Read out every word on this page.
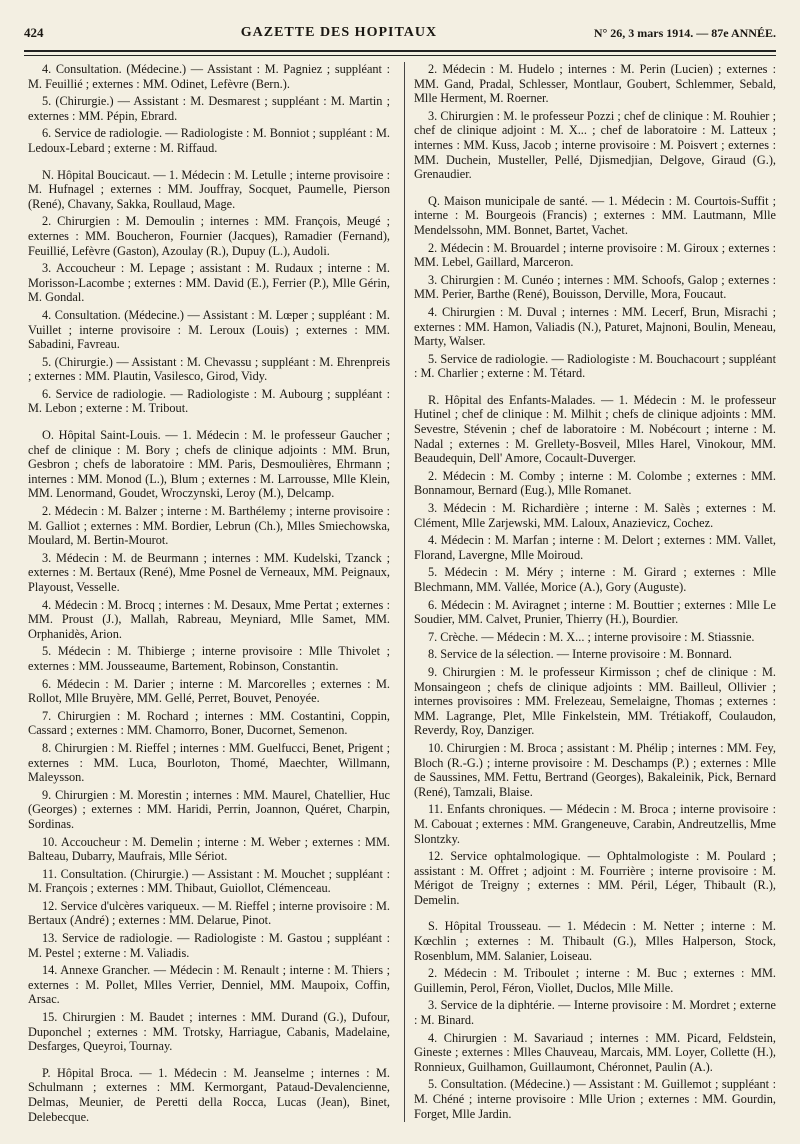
424	GAZETTE DES HOPITAUX	N° 26, 3 mars 1914. — 87e ANNÉE.

4. Consultation. (Médecine.) — Assistant : M. Pagniez ; suppléant : M. Feuillié ; externes : MM. Odinet, Lefèvre (Bern.).

5. (Chirurgie.) — Assistant : M. Desmarest ; suppléant : M. Martin ; externes : MM. Pépin, Ebrard.

6. Service de radiologie. — Radiologiste : M. Bonniot ; suppléant : M. Ledoux-Lebard ; externe : M. Riffaud.

N. Hôpital Boucicaut. — 1. Médecin : M. Letulle ; interne provisoire : M. Hufnagel ; externes : MM. Jouffray, Socquet, Paumelle, Pierson (René), Chavany, Sakka, Roullaud, Mage.

2. Chirurgien : M. Demoulin ; internes : MM. François, Meugé ; externes : MM. Boucheron, Fournier (Jacques), Ramadier (Fernand), Feuillié, Lefèvre (Gaston), Azoulay (R.), Dupuy (L.), Audoli.

3. Accoucheur : M. Lepage ; assistant : M. Rudaux ; interne : M. Morisson-Lacombe ; externes : MM. David (E.), Ferrier (P.), Mlle Gérin, M. Gondal.

4. Consultation. (Médecine.) — Assistant : M. Lœper ; suppléant : M. Vuillet ; interne provisoire : M. Leroux (Louis) ; externes : MM. Sabadini, Favreau.

5. (Chirurgie.) — Assistant : M. Chevassu ; suppléant : M. Ehrenpreis ; externes : MM. Plautin, Vasilesco, Girod, Vidy.

6. Service de radiologie. — Radiologiste : M. Aubourg ; suppléant : M. Lebon ; externe : M. Tribout.

O. Hôpital Saint-Louis. — 1. Médecin : M. le professeur Gaucher ; chef de clinique : M. Bory ; chefs de clinique adjoints : MM. Brun, Gesbron ; chefs de laboratoire : MM. Paris, Desmoulières, Ehrmann ; internes : MM. Monod (L.), Blum ; externes : M. Larrousse, Mlle Klein, MM. Lenormand, Goudet, Wroczynski, Leroy (M.), Delcamp.

2. Médecin : M. Balzer ; interne : M. Barthélemy ; interne provisoire : M. Galliot ; externes : MM. Bordier, Lebrun (Ch.), Mlles Smiechowska, Moulard, M. Bertin-Mourot.

3. Médecin : M. de Beurmann ; internes : MM. Kudelski, Tzanck ; externes : M. Bertaux (René), Mme Posnel de Verneaux, MM. Peignaux, Playoust, Vesselle.

4. Médecin : M. Brocq ; internes : M. Desaux, Mme Pertat ; externes : MM. Proust (J.), Mallah, Rabreau, Meyniard, Mlle Samet, MM. Orphanidès, Arion.

5. Médecin : M. Thibierge ; interne provisoire : Mlle Thivolet ; externes : MM. Jousseaume, Bartement, Robinson, Constantin.

6. Médecin : M. Darier ; interne : M. Marcorelles ; externes : M. Rollot, Mlle Bruyère, MM. Gellé, Perret, Bouvet, Penoyée.

7. Chirurgien : M. Rochard ; internes : MM. Costantini, Coppin, Cassard ; externes : MM. Chamorro, Boner, Ducornet, Semenon.

8. Chirurgien : M. Rieffel ; internes : MM. Guelfucci, Benet, Prigent ; externes : MM. Luca, Bourloton, Thomé, Maechter, Willmann, Maleysson.

9. Chirurgien : M. Morestin ; internes : MM. Maurel, Chatellier, Huc (Georges) ; externes : MM. Haridi, Perrin, Joannon, Quéret, Charpin, Sordinas.

10. Accoucheur : M. Demelin ; interne : M. Weber ; externes : MM. Balteau, Dubarry, Maufrais, Mlle Sériot.

11. Consultation. (Chirurgie.) — Assistant : M. Mouchet ; suppléant : M. François ; externes : MM. Thibaut, Guiollot, Clémenceau.

12. Service d'ulcères variqueux. — M. Rieffel ; interne provisoire : M. Bertaux (André) ; externes : MM. Delarue, Pinot.

13. Service de radiologie. — Radiologiste : M. Gastou ; suppléant : M. Pestel ; externe : M. Valiadis.

14. Annexe Grancher. — Médecin : M. Renault ; interne : M. Thiers ; externes : M. Pollet, Mlles Verrier, Denniel, MM. Maupoix, Coffin, Arsac.

15. Chirurgien : M. Baudet ; internes : MM. Durand (G.), Dufour, Duponchel ; externes : MM. Trotsky, Harriague, Cabanis, Madelaine, Desfarges, Queyroi, Tournay.

P. Hôpital Broca. — 1. Médecin : M. Jeanselme ; internes : M. Schulmann ; externes : MM. Kermorgant, Pataud-Devalencienne, Delmas, Meunier, de Peretti della Rocca, Lucas (Jean), Binet, Delebecque.

2. Médecin : M. Hudelo ; internes : M. Perin (Lucien) ; externes : MM. Gand, Pradal, Schlesser, Montlaur, Goubert, Schlemmer, Sebald, Mlle Herment, M. Roerner.

3. Chirurgien : M. le professeur Pozzi ; chef de clinique : M. Rouhier ; chef de clinique adjoint : M. X... ; chef de laboratoire : M. Latteux ; internes : MM. Kuss, Jacob ; interne provisoire : M. Poisvert ; externes : MM. Duchein, Musteller, Pellé, Djismedjian, Delgove, Giraud (G.), Grenaudier.

Q. Maison municipale de santé. — 1. Médecin : M. Courtois-Suffit ; interne : M. Bourgeois (Francis) ; externes : MM. Lautmann, Mlle Mendelssohn, MM. Bonnet, Bartet, Vachet.

2. Médecin : M. Brouardel ; interne provisoire : M. Giroux ; externes : MM. Lebel, Gaillard, Marceron.

3. Chirurgien : M. Cunéo ; internes : MM. Schoofs, Galop ; externes : MM. Perier, Barthe (René), Bouisson, Derville, Mora, Foucaut.

4. Chirurgien : M. Duval ; internes : MM. Lecerf, Brun, Misrachi ; externes : MM. Hamon, Valiadis (N.), Paturet, Majnoni, Boulin, Meneau, Marty, Walser.

5. Service de radiologie. — Radiologiste : M. Bouchacourt ; suppléant : M. Charlier ; externe : M. Tétard.

R. Hôpital des Enfants-Malades. — 1. Médecin : M. le professeur Hutinel ; chef de clinique : M. Milhit ; chefs de clinique adjoints : MM. Sevestre, Stévenin ; chef de laboratoire : M. Nobécourt ; interne : M. Nadal ; externes : M. Grellety-Bosveil, Mlles Harel, Vinokour, MM. Beaudequin, Dell' Amore, Cocault-Duverger.

2. Médecin : M. Comby ; interne : M. Colombe ; externes : MM. Bonnamour, Bernard (Eug.), Mlle Romanet.

3. Médecin : M. Richardière ; interne : M. Salès ; externes : M. Clément, Mlle Zarjewski, MM. Laloux, Anazievicz, Cochez.

4. Médecin : M. Marfan ; interne : M. Delort ; externes : MM. Vallet, Florand, Lavergne, Mlle Moiroud.

5. Médecin : M. Méry ; interne : M. Girard ; externes : Mlle Blechmann, MM. Vallée, Morice (A.), Gory (Auguste).

6. Médecin : M. Aviragnet ; interne : M. Bouttier ; externes : Mlle Le Soudier, MM. Calvet, Prunier, Thierry (H.), Bourdier.

7. Crèche. — Médecin : M. X... ; interne provisoire : M. Stiassnie.

8. Service de la sélection. — Interne provisoire : M. Bonnard.

9. Chirurgien : M. le professeur Kirmisson ; chef de clinique : M. Monsaingeon ; chefs de clinique adjoints : MM. Bailleul, Ollivier ; internes provisoires : MM. Frelezeau, Semelaigne, Thomas ; externes : MM. Lagrange, Plet, Mlle Finkelstein, MM. Trétiakoff, Coulaudon, Reverdy, Roy, Danziger.

10. Chirurgien : M. Broca ; assistant : M. Phélip ; internes : MM. Fey, Bloch (R.-G.) ; interne provisoire : M. Deschamps (P.) ; externes : Mlle de Saussines, MM. Fettu, Bertrand (Georges), Bakaleinik, Pick, Bernard (René), Tamzali, Blaise.

11. Enfants chroniques. — Médecin : M. Broca ; interne provisoire : M. Cabouat ; externes : MM. Grangeneuve, Carabin, Andreutzellis, Mme Slontzky.

12. Service ophtalmologique. — Ophtalmologiste : M. Poulard ; assistant : M. Offret ; adjoint : M. Fourrière ; interne provisoire : M. Mérigot de Treigny ; externes : MM. Péril, Léger, Thibault (R.), Demelin.

S. Hôpital Trousseau. — 1. Médecin : M. Netter ; interne : M. Kœchlin ; externes : M. Thibault (G.), Mlles Halperson, Stock, Rosenblum, MM. Salanier, Loiseau.

2. Médecin : M. Triboulet ; interne : M. Buc ; externes : MM. Guillemin, Perol, Féron, Viollet, Duclos, Mlle Mille.

3. Service de la diphtérie. — Interne provisoire : M. Mordret ; externe : M. Binard.

4. Chirurgien : M. Savariaud ; internes : MM. Picard, Feldstein, Gineste ; externes : Mlles Chauveau, Marcais, MM. Loyer, Collette (H.), Ronnieux, Guilhamon, Guillaumont, Chéronnet, Paulin (A.).

5. Consultation. (Médecine.) — Assistant : M. Guillemot ; suppléant : M. Chéné ; interne provisoire : Mlle Urion ; externes : MM. Gourdin, Forget, Mlle Jardin.
